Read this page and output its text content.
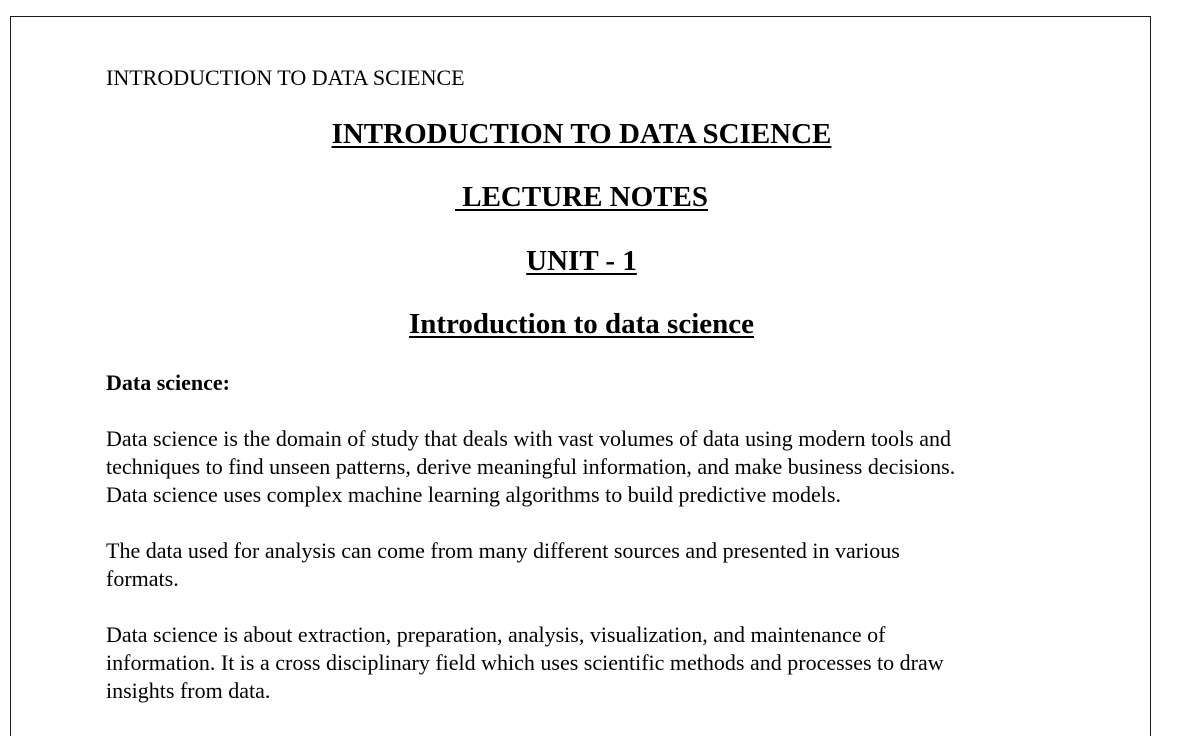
INTRODUCTION TO DATA SCIENCE
INTRODUCTION TO DATA SCIENCE
LECTURE NOTES
UNIT - 1
Introduction to data science
Data science:
Data science is the domain of study that deals with vast volumes of data using modern tools and
techniques to find unseen patterns, derive meaningful information, and make business decisions.
Data science uses complex machine learning algorithms to build predictive models.
The data used for analysis can come from many different sources and presented in various
formats.
Data science is about extraction, preparation, analysis, visualization, and maintenance of
information. It is a cross disciplinary field which uses scientific methods and processes to draw
insights from data.
